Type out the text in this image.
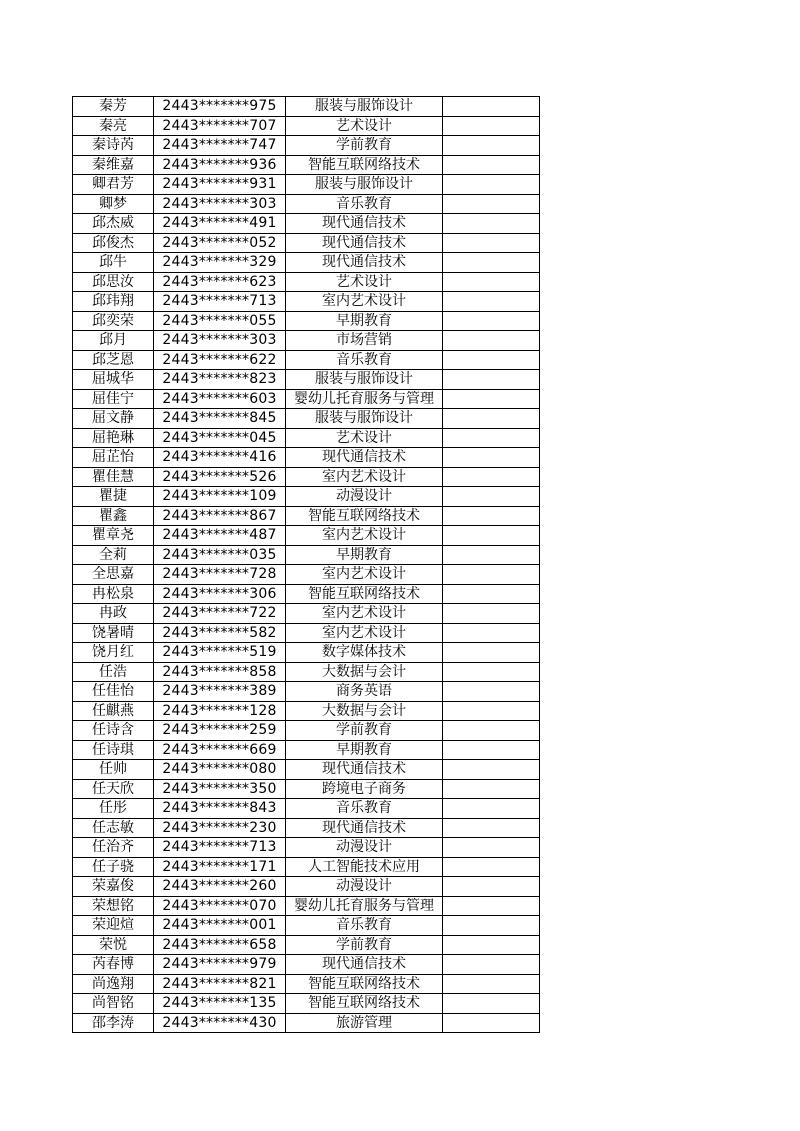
秦芳	2443*******975	服装与服饰设计	
秦亮	2443*******707	艺术设计	
秦诗芮	2443*******747	学前教育	
秦维嘉	2443*******936	智能互联网络技术	
卿君芳	2443*******931	服装与服饰设计	
卿梦	2443*******303	音乐教育	
邱杰威	2443*******491	现代通信技术	
邱俊杰	2443*******052	现代通信技术	
邱牛	2443*******329	现代通信技术	
邱思汝	2443*******623	艺术设计	
邱玮翔	2443*******713	室内艺术设计	
邱奕荣	2443*******055	早期教育	
邱月	2443*******303	市场营销	
邱芝恩	2443*******622	音乐教育	
屈城华	2443*******823	服装与服饰设计	
屈佳宁	2443*******603	婴幼儿托育服务与管理	
屈文静	2443*******845	服装与服饰设计	
屈艳琳	2443*******045	艺术设计	
屈芷怡	2443*******416	现代通信技术	
瞿佳慧	2443*******526	室内艺术设计	
瞿捷	2443*******109	动漫设计	
瞿鑫	2443*******867	智能互联网络技术	
瞿章尧	2443*******487	室内艺术设计	
全莉	2443*******035	早期教育	
全思嘉	2443*******728	室内艺术设计	
冉松泉	2443*******306	智能互联网络技术	
冉政	2443*******722	室内艺术设计	
饶暑晴	2443*******582	室内艺术设计	
饶月红	2443*******519	数字媒体技术	
任浩	2443*******858	大数据与会计	
任佳怡	2443*******389	商务英语	
任麒燕	2443*******128	大数据与会计	
任诗含	2443*******259	学前教育	
任诗琪	2443*******669	早期教育	
任帅	2443*******080	现代通信技术	
任天欣	2443*******350	跨境电子商务	
任彤	2443*******843	音乐教育	
任志敏	2443*******230	现代通信技术	
任治齐	2443*******713	动漫设计	
任子骁	2443*******171	人工智能技术应用	
荣嘉俊	2443*******260	动漫设计	
荣想铭	2443*******070	婴幼儿托育服务与管理	
荣迎煊	2443*******001	音乐教育	
荣悦	2443*******658	学前教育	
芮春博	2443*******979	现代通信技术	
尚逸翔	2443*******821	智能互联网络技术	
尚智铭	2443*******135	智能互联网络技术	
邵李涛	2443*******430	旅游管理	
